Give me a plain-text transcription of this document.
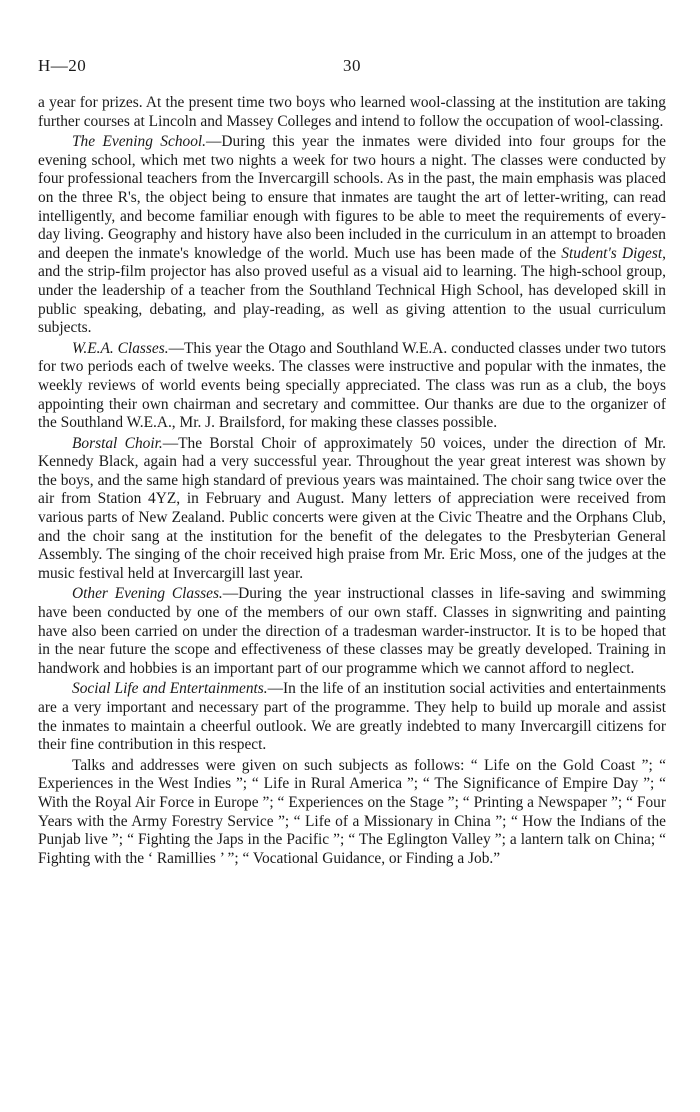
H—20	30

a year for prizes. At the present time two boys who learned wool-classing at the institution are taking further courses at Lincoln and Massey Colleges and intend to follow the occupation of wool-classing.

The Evening School.—During this year the inmates were divided into four groups for the evening school, which met two nights a week for two hours a night. The classes were conducted by four professional teachers from the Invercargill schools. As in the past, the main emphasis was placed on the three R's, the object being to ensure that inmates are taught the art of letter-writing, can read intelligently, and become familiar enough with figures to be able to meet the requirements of every-day living. Geography and history have also been included in the curriculum in an attempt to broaden and deepen the inmate's knowledge of the world. Much use has been made of the Student's Digest, and the strip-film projector has also proved useful as a visual aid to learning. The high-school group, under the leadership of a teacher from the Southland Technical High School, has developed skill in public speaking, debating, and play-reading, as well as giving attention to the usual curriculum subjects.

W.E.A. Classes.—This year the Otago and Southland W.E.A. conducted classes under two tutors for two periods each of twelve weeks. The classes were instructive and popular with the inmates, the weekly reviews of world events being specially appreciated. The class was run as a club, the boys appointing their own chairman and secretary and committee. Our thanks are due to the organizer of the Southland W.E.A., Mr. J. Brailsford, for making these classes possible.

Borstal Choir.—The Borstal Choir of approximately 50 voices, under the direction of Mr. Kennedy Black, again had a very successful year. Throughout the year great interest was shown by the boys, and the same high standard of previous years was maintained. The choir sang twice over the air from Station 4YZ, in February and August. Many letters of appreciation were received from various parts of New Zealand. Public concerts were given at the Civic Theatre and the Orphans Club, and the choir sang at the institution for the benefit of the delegates to the Presbyterian General Assembly. The singing of the choir received high praise from Mr. Eric Moss, one of the judges at the music festival held at Invercargill last year.

Other Evening Classes.—During the year instructional classes in life-saving and swimming have been conducted by one of the members of our own staff. Classes in signwriting and painting have also been carried on under the direction of a tradesman warder-instructor. It is to be hoped that in the near future the scope and effectiveness of these classes may be greatly developed. Training in handwork and hobbies is an important part of our programme which we cannot afford to neglect.

Social Life and Entertainments.—In the life of an institution social activities and entertainments are a very important and necessary part of the programme. They help to build up morale and assist the inmates to maintain a cheerful outlook. We are greatly indebted to many Invercargill citizens for their fine contribution in this respect.

Talks and addresses were given on such subjects as follows: “ Life on the Gold Coast ”; “ Experiences in the West Indies ”; “ Life in Rural America ”; “ The Significance of Empire Day ”; “ With the Royal Air Force in Europe ”; “ Experiences on the Stage ”; “ Printing a Newspaper ”; “ Four Years with the Army Forestry Service ”; “ Life of a Missionary in China ”; “ How the Indians of the Punjab live ”; “ Fighting the Japs in the Pacific ”; “ The Eglington Valley ”; a lantern talk on China; “ Fighting with the ‘ Ramillies ’ ”; “ Vocational Guidance, or Finding a Job.”
